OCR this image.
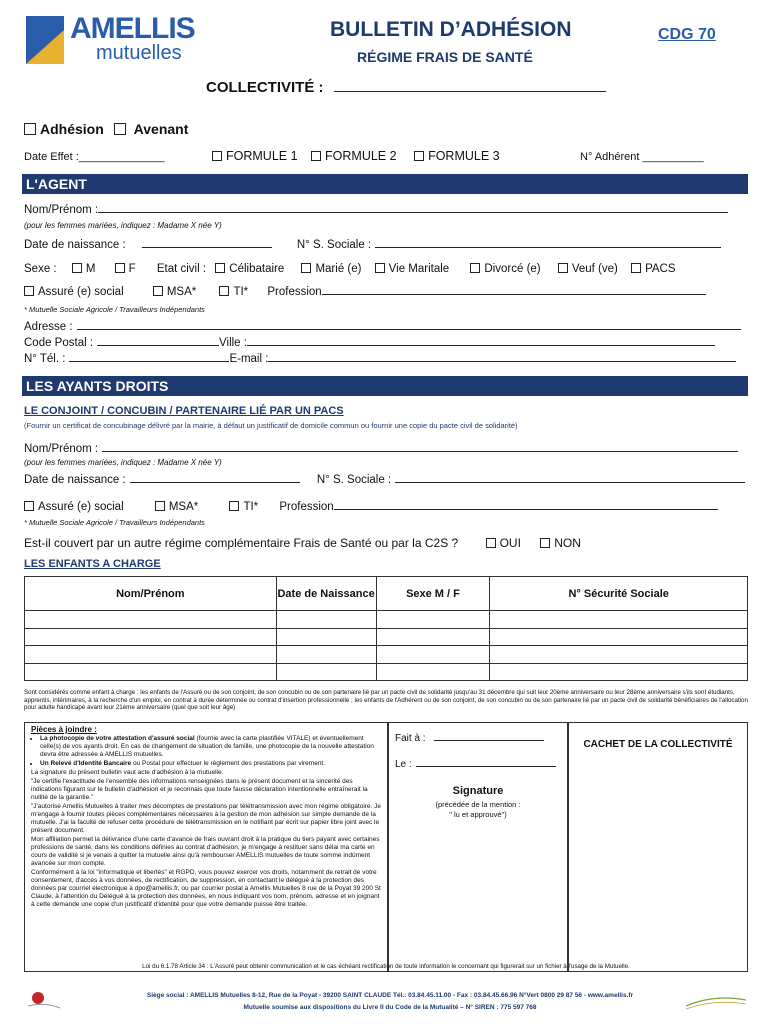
AMELLIS
mutuelles
BULLETIN D’ADHÉSION
RÉGIME FRAIS DE SANTÉ
CDG 70
COLLECTIVITÉ :
Adhésion Avenant
Date Effet :______________	FORMULE 1 FORMULE 2	FORMULE 3	N° Adhérent __________
L'AGENT
Nom/Prénom :
(pour les femmes mariées, indiquez : Madame X née Y)
Date de naissance :	N° S. Sociale :
Sexe :	M	F Etat civil : Célibataire	Marié (e) Vie Maritale	Divorcé (e)	Veuf (ve) PACS
Assuré (e) social	MSA*	TI* Profession
* Mutuelle Sociale Agricole / Travailleurs Indépendants
Adresse :
Code Postal :	Ville :
N° Tél. :	E-mail :
LES AYANTS DROITS
LE CONJOINT / CONCUBIN / PARTENAIRE LIÉ PAR UN PACS
(Fournir un certificat de concubinage délivré par la mairie, à défaut un justificatif de domicile commun ou fournir une copie du pacte civil de solidarité)
Nom/Prénom :
(pour les femmes mariées, indiquez : Madame X née Y)
Date de naissance :	N° S. Sociale :
Assuré (e) social	MSA*	TI* Profession
* Mutuelle Sociale Agricole / Travailleurs Indépendants
Est-il couvert par un autre régime complémentaire Frais de Santé ou par la C2S ?	OUI	NON
LES ENFANTS A CHARGE
Nom/Prénom	Date de Naissance	Sexe M / F	N° Sécurité Sociale

Sont considérés comme enfant à charge : les enfants de l'Assuré ou de son conjoint, de son concubin ou de son partenaire lié par un pacte civil de solidarité jusqu'au 31 décembre qui suit leur 20ème anniversaire ou leur 28ème anniversaire s'ils sont étudiants, apprentis, intérimaires, à la recherche d'un emploi, en contrat à durée déterminée ou contrat d'insertion professionnelle ; les enfants de l'Adhérent ou de son conjoint, de son concubin ou de son partenaire lié par un pacte civil de solidarité bénéficiaires de l'allocation pour adulte handicapé avant leur 21ème anniversaire (quel que soit leur âge)
Pièces à joindre :
• La photocopie de votre attestation d'assuré social (fournie avec la carte plastifiée VITALE) et éventuellement celle(s) de vos ayants droit. En cas de changement de situation de famille, une photocopie de la nouvelle attestation devra être adressée à AMELLIS mutuelles.
• Un Relevé d'Identité Bancaire ou Postal pour effectuer le règlement des prestations par virement.

La signature du présent bulletin vaut acte d'adhésion à la mutuelle.

"Je certifie l'exactitude de l'ensemble des informations renseignées dans le présent document et la sincérité des indications figurant sur le bulletin d'adhésion et je reconnais que toute fausse déclaration intentionnelle entraînerait la nullité de la garantie."

"J'autorise Amellis Mutuelles à traiter mes décomptes de prestations par télétransmission avec mon régime obligatoire. Je m'engage à fournir toutes pièces complémentaires nécessaires à la gestion de mon adhésion sur simple demande de la mutuelle. J'ai la faculté de refuser cette procédure de télétransmission en le notifiant par écrit sur papier libre joint avec le présent document.

Mon affiliation permet la délivrance d'une carte d'avance de frais ouvrant droit à la pratique du tiers payant avec certaines professions de santé, dans les conditions définies au contrat d'adhésion, je m'engage à restituer sans délai ma carte en cours de validité si je venais à quitter la mutuelle ainsi qu'à rembourser AMELLIS mutuelles de toute somme indûment avancée sur mon compte.

Conformément à la loi "informatique et libertés" et RGPD, vous pouvez exercer vos droits, notamment de retrait de votre consentement, d'accès à vos données, de rectification, de suppression, en contactant le délégué à la protection des données par courriel électronique à dpo@amellis.fr, ou par courrier postal à Amellis Mutuelles 8 rue de la Poyat 39 200 St Claude, à l'attention du Délégué à la protection des données, en nous indiquant vos nom, prénom, adresse et en joignant à cette demande une copie d'un justificatif d'identité pour que votre demande puisse être traitée.

Fait à :
Le :
Signature
(précédée de la mention :
" lu et approuvé")
CACHET DE LA COLLECTIVITÉ
Loi du 6.1.78 Article 34 : L'Assuré peut obtenir communication et le cas échéant rectification de toute information le concernant qui figurerait sur un fichier à l'usage de la Mutuelle.
Siège social : AMELLIS Mutuelles 8-12, Rue de la Poyat - 39200 SAINT CLAUDE Tél.: 03.84.45.11.00 - Fax : 03.84.45.66.96 N°Vert 0800 29 87 56 - www.amellis.fr
Mutuelle soumise aux dispositions du Livre II du Code de la Mutualité – N° SIREN : 775 597 768
